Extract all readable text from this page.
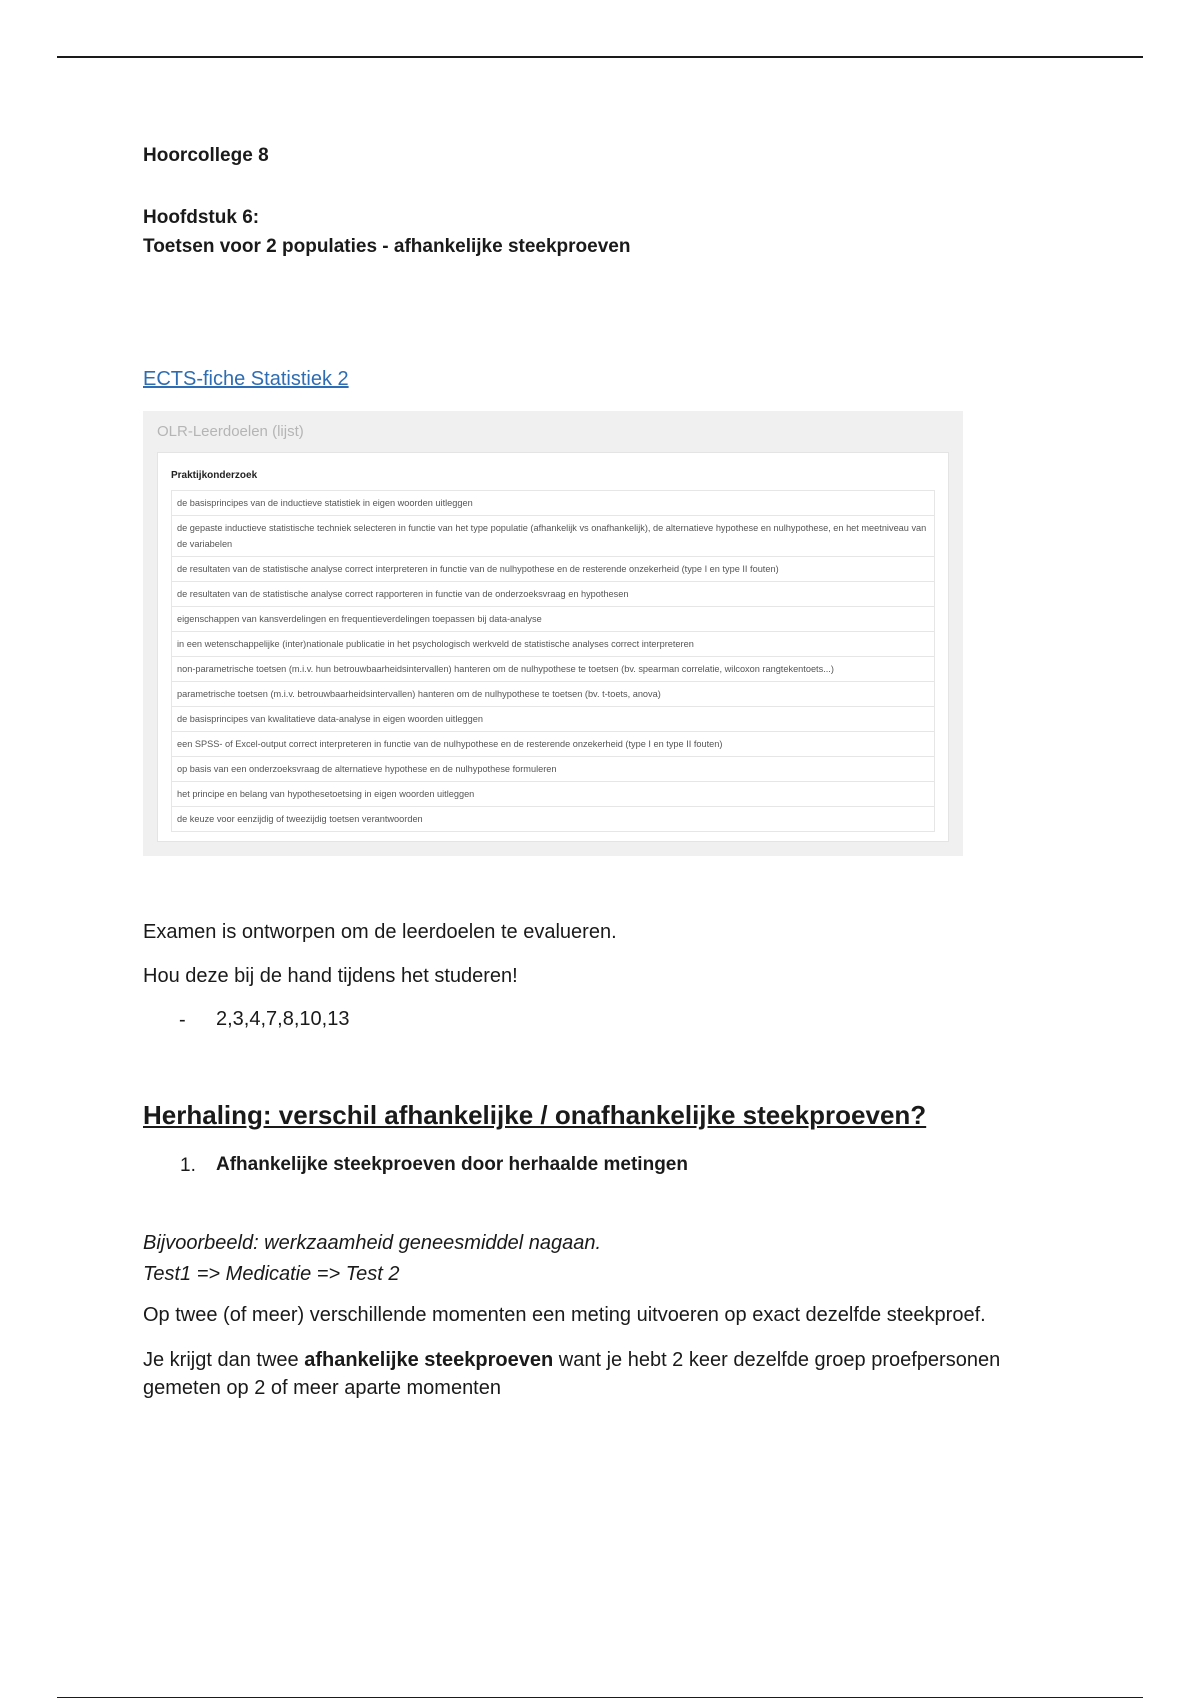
Hoorcollege 8

Hoofdstuk 6:
Toetsen voor 2 populaties - afhankelijke steekproeven

ECTS-fiche Statistiek 2
OLR-Leerdoelen (lijst)
Praktijkonderzoek
de basisprincipes van de inductieve statistiek in eigen woorden uitleggen
de gepaste inductieve statistische techniek selecteren in functie van het type populatie (afhankelijk vs onafhankelijk), de alternatieve hypothese en nulhypothese, en het meetniveau van de variabelen
de resultaten van de statistische analyse correct interpreteren in functie van de nulhypothese en de resterende onzekerheid (type I en type II fouten)
de resultaten van de statistische analyse correct rapporteren in functie van de onderzoeksvraag en hypothesen
eigenschappen van kansverdelingen en frequentieverdelingen toepassen bij data-analyse
in een wetenschappelijke (inter)nationale publicatie in het psychologisch werkveld de statistische analyses correct interpreteren
non-parametrische toetsen (m.i.v. hun betrouwbaarheidsintervallen) hanteren om de nulhypothese te toetsen (bv. spearman correlatie, wilcoxon rangtekentoets...)
parametrische toetsen (m.i.v. betrouwbaarheidsintervallen) hanteren om de nulhypothese te toetsen (bv. t-toets, anova)
de basisprincipes van kwalitatieve data-analyse in eigen woorden uitleggen
een SPSS- of Excel-output correct interpreteren in functie van de nulhypothese en de resterende onzekerheid (type I en type II fouten)
op basis van een onderzoeksvraag de alternatieve hypothese en de nulhypothese formuleren
het principe en belang van hypothesetoetsing in eigen woorden uitleggen
de keuze voor eenzijdig of tweezijdig toetsen verantwoorden

Examen is ontworpen om de leerdoelen te evalueren.

Hou deze bij de hand tijdens het studeren!

- 2,3,4,7,8,10,13
Herhaling: verschil afhankelijke / onafhankelijke steekproeven?
1. Afhankelijke steekproeven door herhaalde metingen

Bijvoorbeeld: werkzaamheid geneesmiddel nagaan.
Test1 => Medicatie => Test 2

Op twee (of meer) verschillende momenten een meting uitvoeren op exact dezelfde steekproef.

Je krijgt dan twee afhankelijke steekproeven want je hebt 2 keer dezelfde groep proefpersonen gemeten op 2 of meer aparte momenten
